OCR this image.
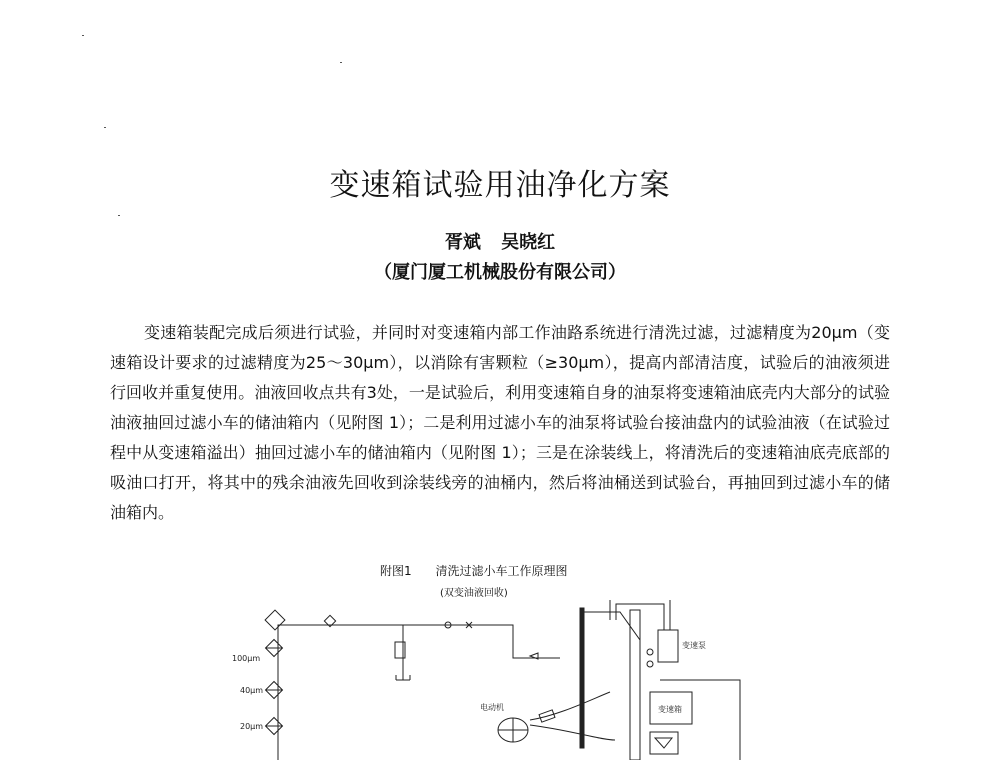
变速箱试验用油净化方案
胥斌 吴晓红
（厦门厦工机械股份有限公司）
变速箱装配完成后须进行试验，并同时对变速箱内部工作油路系统进行清洗过滤，过滤精度为20μm（变速箱设计要求的过滤精度为25～30μm），以消除有害颗粒（≥30μm），提高内部清洁度，试验后的油液须进行回收并重复使用。油液回收点共有3处，一是试验后，利用变速箱自身的油泵将变速箱油底壳内大部分的试验油液抽回过滤小车的储油箱内（见附图 1）；二是利用过滤小车的油泵将试验台接油盘内的试验油液（在试验过程中从变速箱溢出）抽回过滤小车的储油箱内（见附图 1）；三是在涂装线上，将清洗后的变速箱油底壳底部的吸油口打开，将其中的残余油液先回收到涂装线旁的油桶内，然后将油桶送到试验台，再抽回到过滤小车的储油箱内。
附图1 清洗过滤小车工作原理图
(双变油液回收)
100μm
40μm
20μm
变速泵
变速箱
电动机
